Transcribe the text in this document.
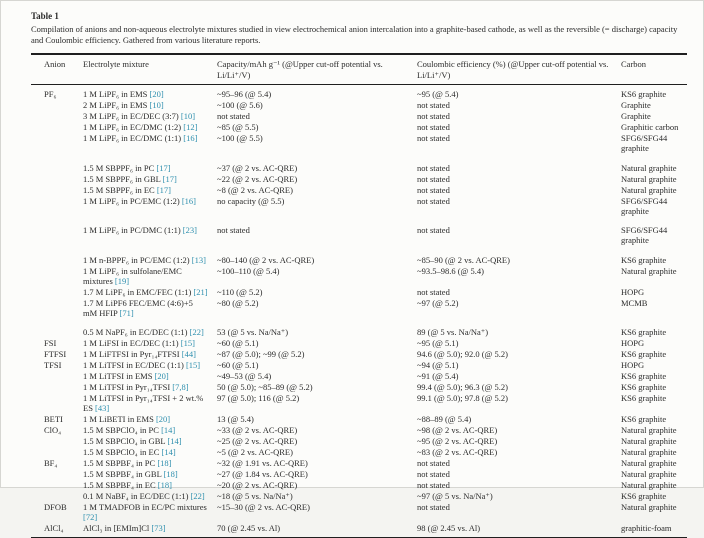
Table 1
Compilation of anions and non-aqueous electrolyte mixtures studied in view electrochemical anion intercalation into a graphite-based cathode, as well as the reversible (= discharge) capacity and Coulombic efficiency. Gathered from various literature reports.
Anion	Electrolyte mixture	Capacity/mAh g⁻¹ (@Upper cut-off potential vs. Li/Li⁺/V)	Coulombic efficiency (%) (@Upper cut-off potential vs. Li/Li⁺/V)	Carbon
PF₆	1 M LiPF₆ in EMS [20]	~95–96 (@ 5.4)	~95 (@ 5.4)	KS6 graphite
	2 M LiPF₆ in EMS [10]	~100 (@ 5.6)	not stated	Graphite
	3 M LiPF₆ in EC/DEC (3:7) [10]	not stated	not stated	Graphite
	1 M LiPF₆ in EC/DMC (1:2) [12]	~85 (@ 5.5)	not stated	Graphitic carbon
	1 M LiPF₆ in EC/DMC (1:1) [16]	~100 (@ 5.5)	not stated	SFG6/SFG44 graphite
	1.5 M SBPPF₆ in PC [17]	~37 (@ 2 vs. AC-QRE)	not stated	Natural graphite
	1.5 M SBPPF₆ in GBL [17]	~22 (@ 2 vs. AC-QRE)	not stated	Natural graphite
	1.5 M SBPPF₆ in EC [17]	~8 (@ 2 vs. AC-QRE)	not stated	Natural graphite
	1 M LiPF₆ in PC/EMC (1:2) [16]	no capacity (@ 5.5)	not stated	SFG6/SFG44 graphite
	1 M LiPF₆ in PC/DMC (1:1) [23]	not stated	not stated	SFG6/SFG44 graphite
	1 M n-BPPF₆ in PC/EMC (1:2) [13]	~80–140 (@ 2 vs. AC-QRE)	~85–90 (@ 2 vs. AC-QRE)	KS6 graphite
	1 M LiPF₆ in sulfolane/EMC mixtures [19]	~100–110 (@ 5.4)	~93.5–98.6 (@ 5.4)	Natural graphite
	1.7 M LiPF₆ in EMC/FEC (1:1) [21]	~110 (@ 5.2)	not stated	HOPG
	1.7 M LiPF6 FEC/EMC (4:6)+5 mM HFIP [71]	~80 (@ 5.2)	~97 (@ 5.2)	MCMB
	0.5 M NaPF₆ in EC/DEC (1:1) [22]	53 (@ 5 vs. Na/Na⁺)	89 (@ 5 vs. Na/Na⁺)	KS6 graphite
FSI	1 M LiFSI in EC/DEC (1:1) [15]	~60 (@ 5.1)	~95 (@ 5.1)	HOPG
FTFSI	1 M LiFTFSI in Pyr₁₄FTFSI [44]	~87 (@ 5.0); ~99 (@ 5.2)	94.6 (@ 5.0); 92.0 (@ 5.2)	KS6 graphite
TFSI	1 M LiTFSI in EC/DEC (1:1) [15]	~60 (@ 5.1)	~94 (@ 5.1)	HOPG
	1 M LiTFSI in EMS [20]	~49–53 (@ 5.4)	~91 (@ 5.4)	KS6 graphite
	1 M LiTFSI in Pyr₁₄TFSI [7,8]	50 (@ 5.0); ~85–89 (@ 5.2)	99.4 (@ 5.0); 96.3 (@ 5.2)	KS6 graphite
	1 M LiTFSI in Pyr₁₄TFSI + 2 wt.% ES [43]	97 (@ 5.0); 116 (@ 5.2)	99.1 (@ 5.0); 97.8 (@ 5.2)	KS6 graphite
BETI	1 M LiBETI in EMS [20]	13 (@ 5.4)	~88–89 (@ 5.4)	KS6 graphite
ClO₄	1.5 M SBPClO₄ in PC [14]	~33 (@ 2 vs. AC-QRE)	~98 (@ 2 vs. AC-QRE)	Natural graphite
	1.5 M SBPClO₄ in GBL [14]	~25 (@ 2 vs. AC-QRE)	~95 (@ 2 vs. AC-QRE)	Natural graphite
	1.5 M SBPClO₄ in EC [14]	~5 (@ 2 vs. AC-QRE)	~83 (@ 2 vs. AC-QRE)	Natural graphite
BF₄	1.5 M SBPBF₄ in PC [18]	~32 (@ 1.91 vs. AC-QRE)	not stated	Natural graphite
	1.5 M SBPBF₄ in GBL [18]	~27 (@ 1.84 vs. AC-QRE)	not stated	Natural graphite
	1.5 M SBPBF₄ in EC [18]	~20 (@ 2 vs. AC-QRE)	not stated	Natural graphite
	0.1 M NaBF₄ in EC/DEC (1:1) [22]	~18 (@ 5 vs. Na/Na⁺)	~97 (@ 5 vs. Na/Na⁺)	KS6 graphite
DFOB	1 M TMADFOB in EC/PC mixtures [72]	~15–30 (@ 2 vs. AC-QRE)	not stated	Natural graphite
AlCl₄	AlCl₃ in [EMIm]Cl [73]	70 (@ 2.45 vs. Al)	98 (@ 2.45 vs. Al)	graphitic-foam
